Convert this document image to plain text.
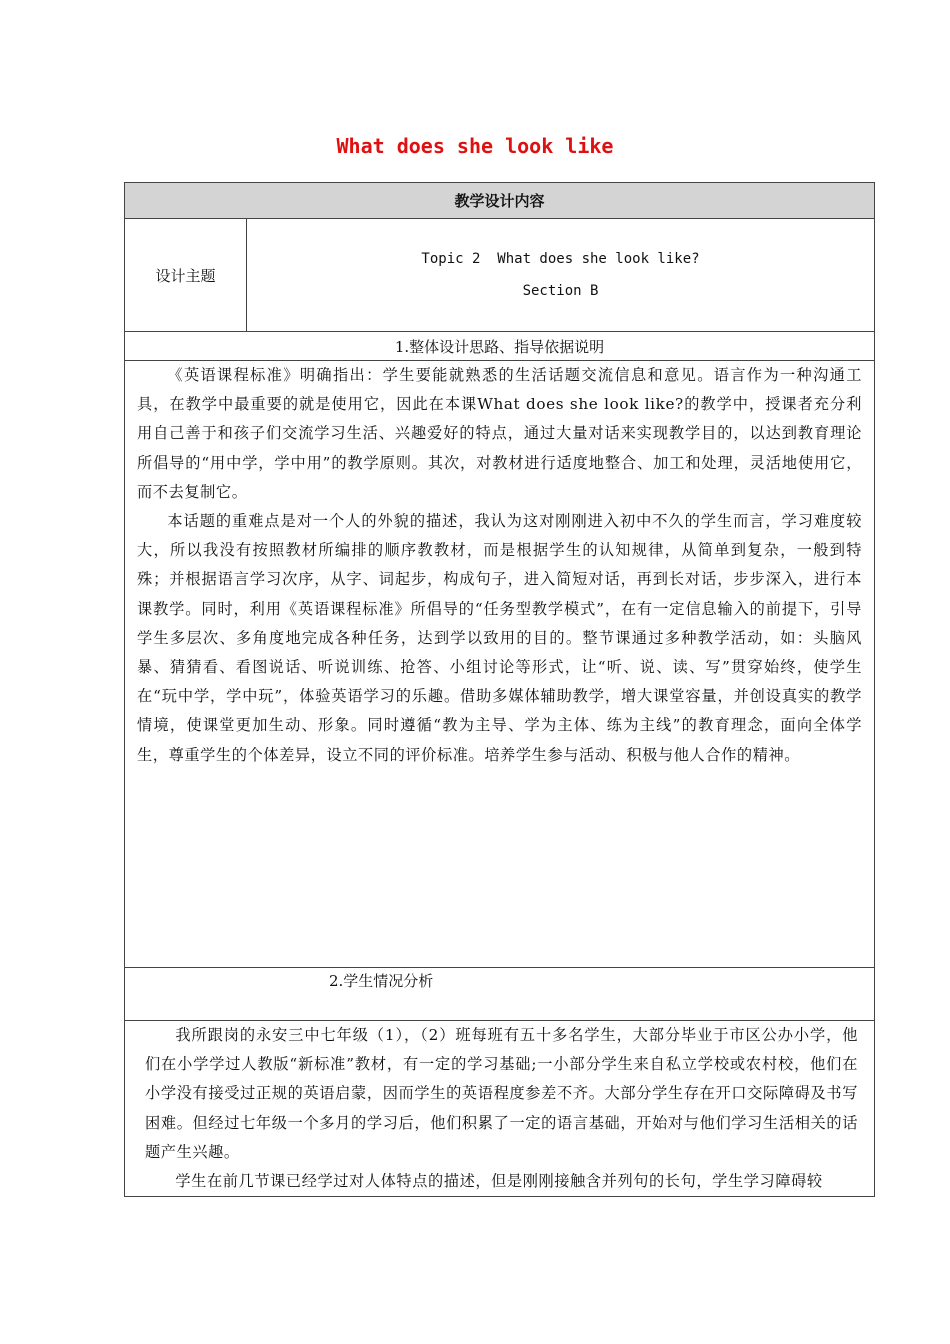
What does she look like
教学设计内容
设计主题	
Topic 2  What does she look like?
Section B

1.整体设计思路、指导依据说明

《英语课程标准》明确指出：学生要能就熟悉的生活话题交流信息和意见。语言作为一种沟通工具，在教学中最重要的就是使用它，因此在本课What does she look like?的教学中，授课者充分利用自己善于和孩子们交流学习生活、兴趣爱好的特点，通过大量对话来实现教学目的，以达到教育理论所倡导的“用中学，学中用”的教学原则。其次，对教材进行适度地整合、加工和处理，灵活地使用它，而不去复制它。

本话题的重难点是对一个人的外貌的描述，我认为这对刚刚进入初中不久的学生而言，学习难度较大，所以我没有按照教材所编排的顺序教教材，而是根据学生的认知规律，从简单到复杂，一般到特殊；并根据语言学习次序，从字、词起步，构成句子，进入简短对话，再到长对话，步步深入，进行本课教学。同时，利用《英语课程标准》所倡导的“任务型教学模式”，在有一定信息输入的前提下，引导学生多层次、多角度地完成各种任务，达到学以致用的目的。整节课通过多种教学活动，如：头脑风暴、猜猜看、看图说话、听说训练、抢答、小组讨论等形式，让“听、说、读、写”贯穿始终，使学生在“玩中学，学中玩”，体验英语学习的乐趣。借助多媒体辅助教学，增大课堂容量，并创设真实的教学情境，使课堂更加生动、形象。同时遵循“教为主导、学为主体、练为主线”的教育理念，面向全体学生，尊重学生的个体差异，设立不同的评价标准。培养学生参与活动、积极与他人合作的精神。

2.学生情况分析

我所跟岗的永安三中七年级（1），（2）班每班有五十多名学生，大部分毕业于市区公办小学，他们在小学学过人教版“新标准”教材，有一定的学习基础;一小部分学生来自私立学校或农村校，他们在小学没有接受过正规的英语启蒙，因而学生的英语程度参差不齐。大部分学生存在开口交际障碍及书写困难。但经过七年级一个多月的学习后，他们积累了一定的语言基础，开始对与他们学习生活相关的话题产生兴趣。

学生在前几节课已经学过对人体特点的描述，但是刚刚接触含并列句的长句，学生学习障碍较
